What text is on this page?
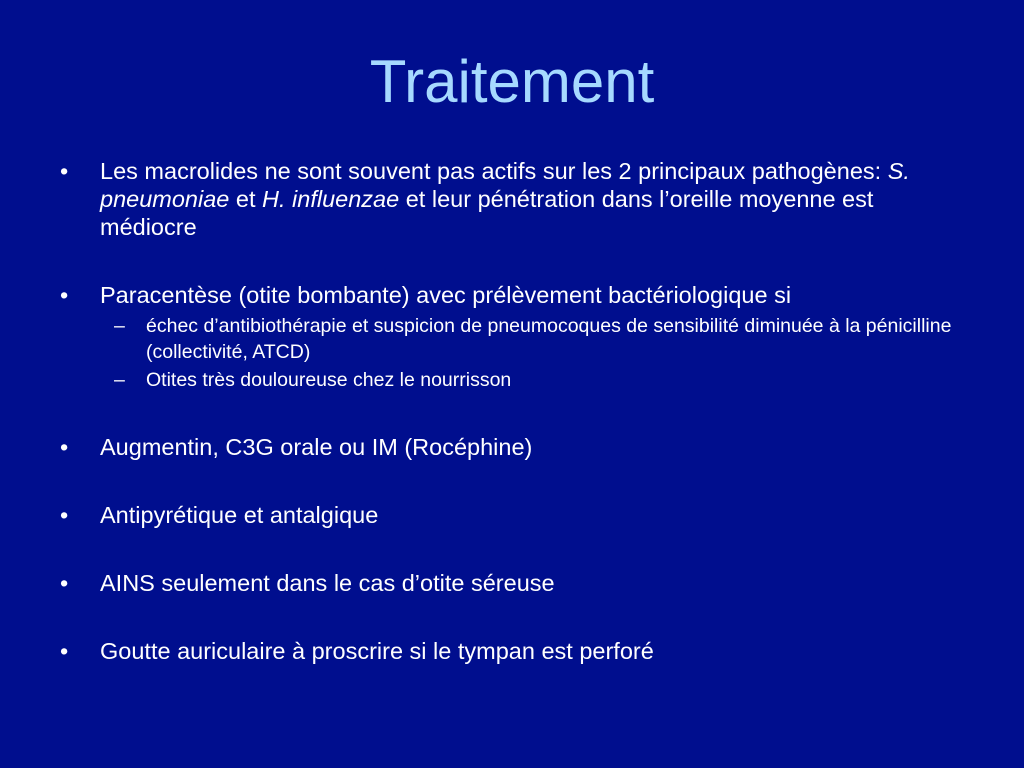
Traitement
• Les macrolides ne sont souvent pas actifs sur les 2 principaux pathogènes: S. pneumoniae et H. influenzae et leur pénétration dans l’oreille moyenne est médiocre
• Paracentèse (otite bombante) avec prélèvement bactériologique si
– échec d’antibiothérapie et suspicion de pneumocoques de sensibilité diminuée à la pénicilline (collectivité, ATCD)
– Otites très douloureuse chez le nourrisson
• Augmentin, C3G orale ou IM (Rocéphine)
• Antipyrétique et antalgique
• AINS seulement dans le cas d’otite séreuse
• Goutte auriculaire à proscrire si le tympan est perforé
